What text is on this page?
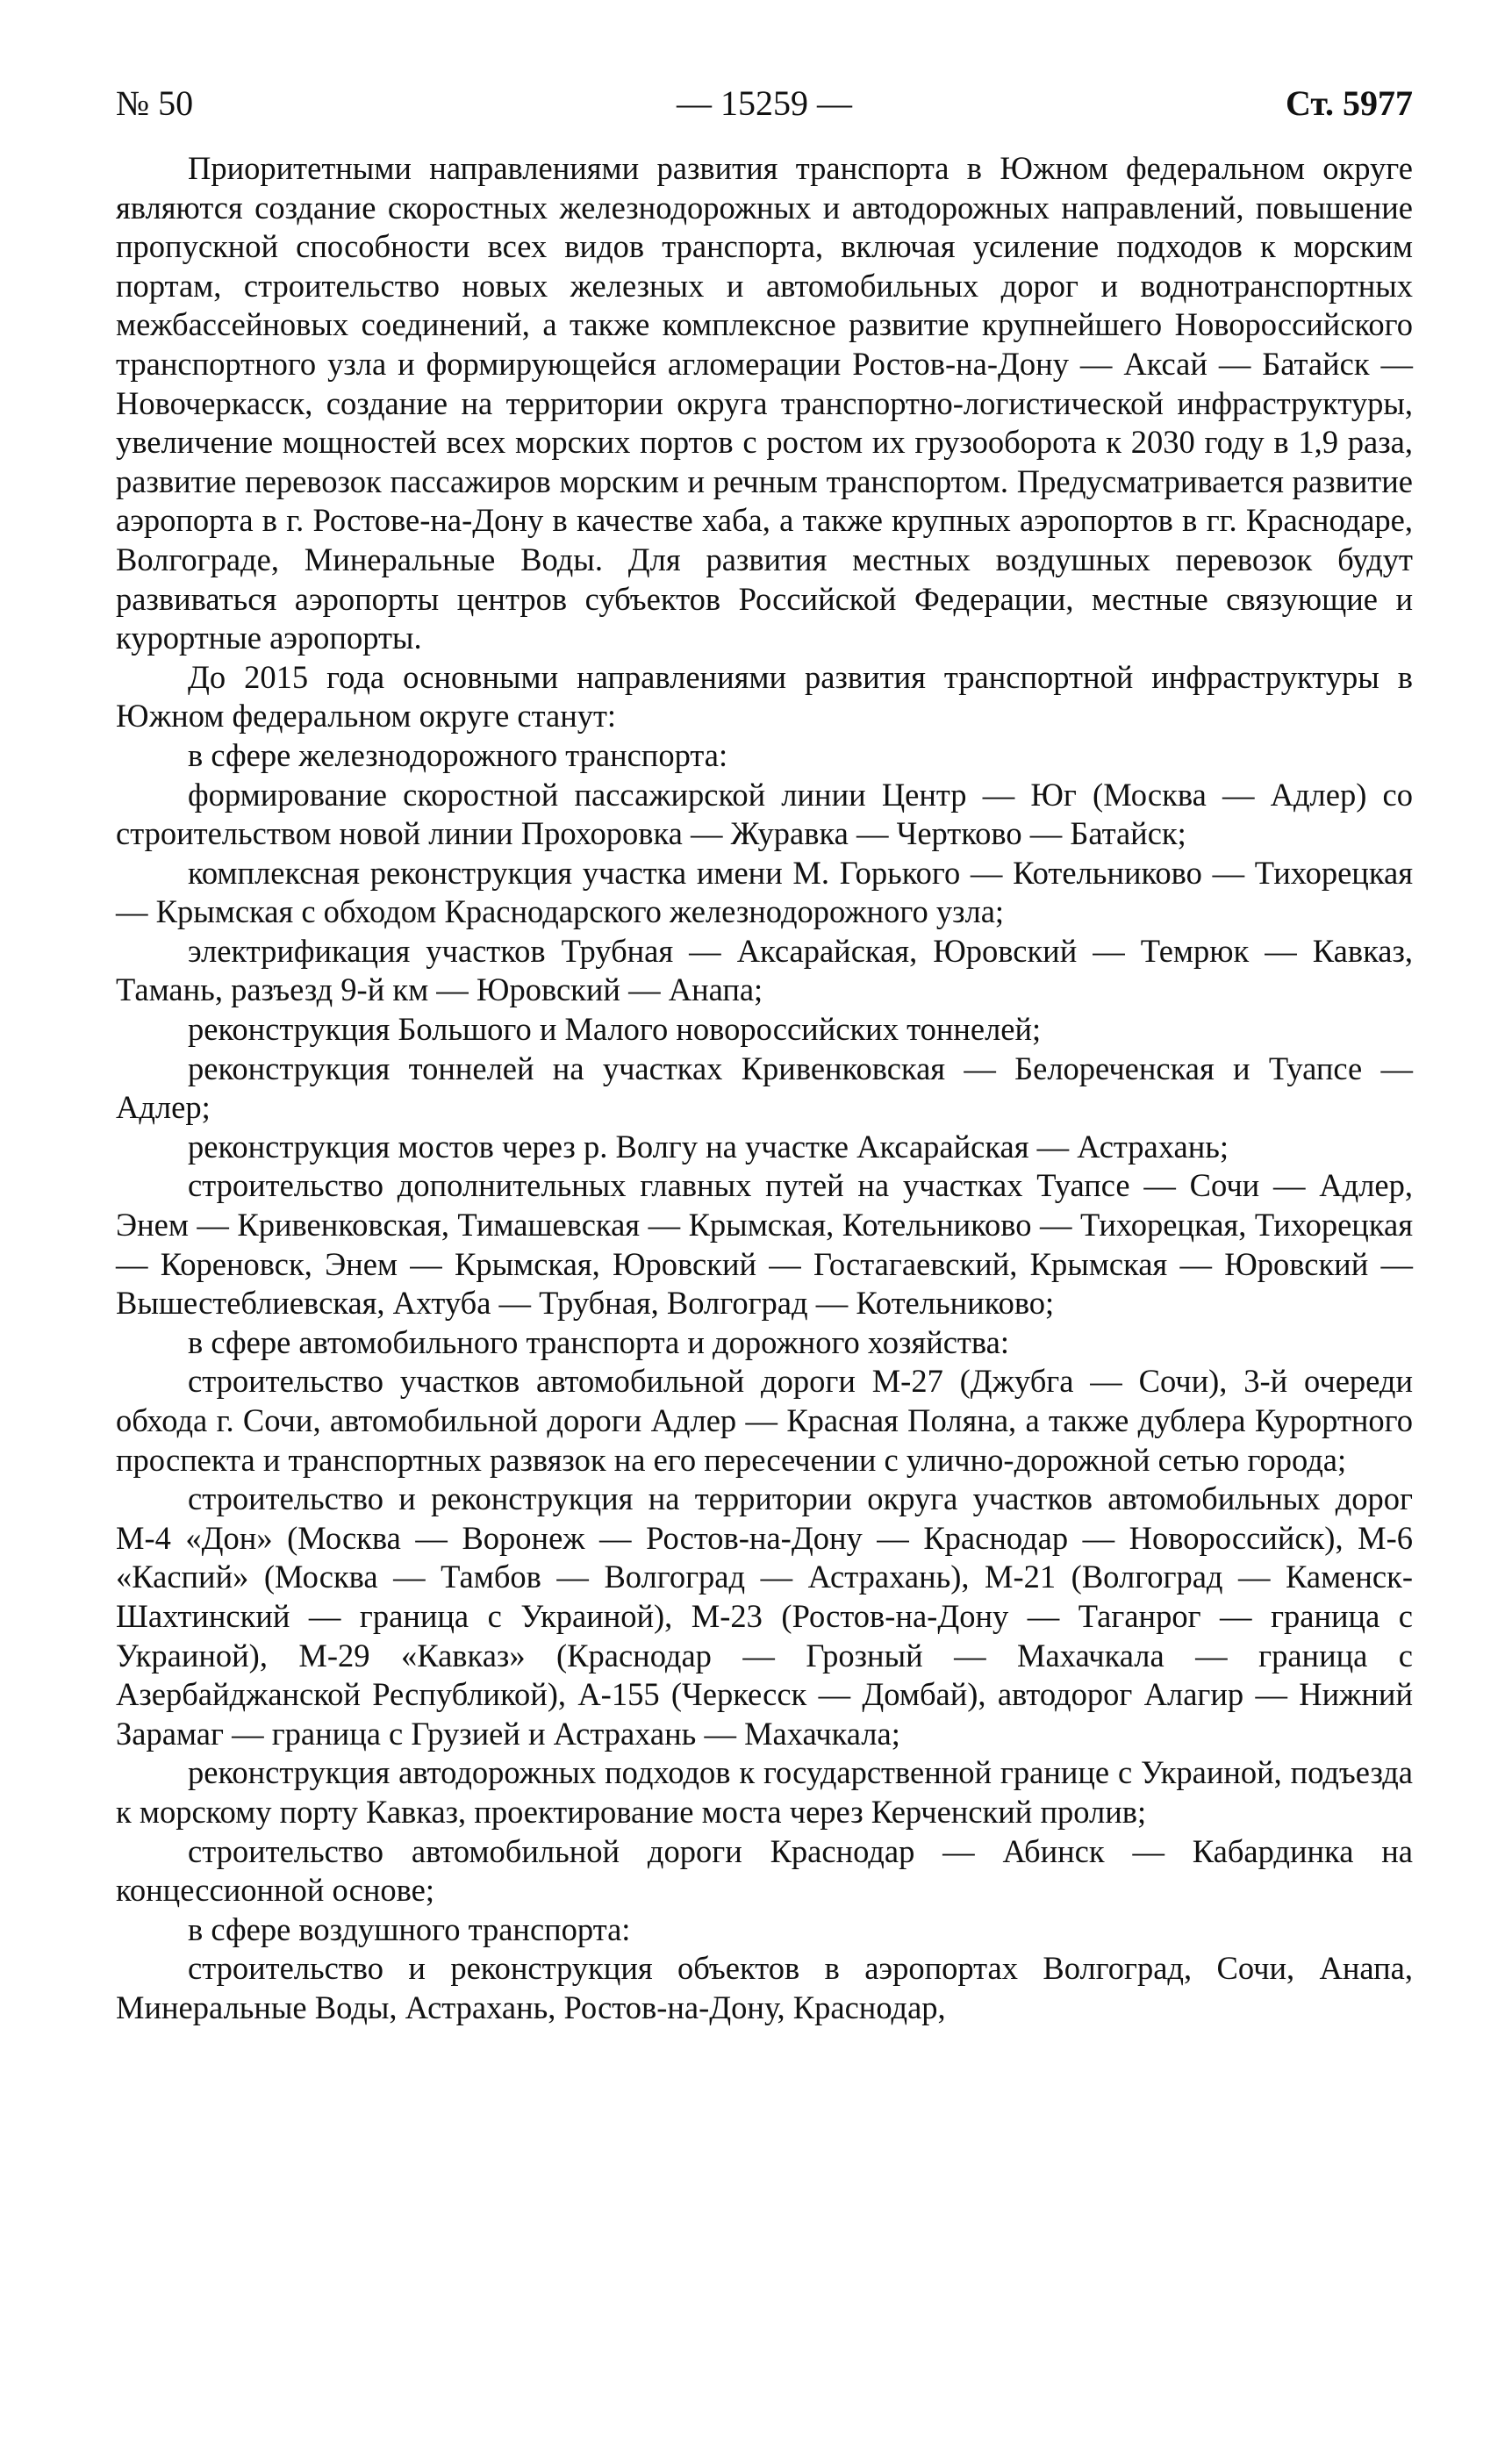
№ 50	— 15259 —	Ст. 5977

Приоритетными направлениями развития транспорта в Южном федеральном округе являются создание скоростных железнодорожных и автодорожных направлений, повышение пропускной способности всех видов транспорта, включая усиление подходов к морским портам, строительство новых железных и автомобильных дорог и воднотранспортных межбассейновых соединений, а также комплексное развитие крупнейшего Новороссийского транспортного узла и формирующейся агломерации Ростов-на-Дону — Аксай — Батайск — Новочеркасск, создание на территории округа транспортно-логистической инфраструктуры, увеличение мощностей всех морских портов с ростом их грузооборота к 2030 году в 1,9 раза, развитие перевозок пассажиров морским и речным транспортом. Предусматривается развитие аэропорта в г. Ростове-на-Дону в качестве хаба, а также крупных аэропортов в гг. Краснодаре, Волгограде, Минеральные Воды. Для развития местных воздушных перевозок будут развиваться аэропорты центров субъектов Российской Федерации, местные связующие и курортные аэропорты.

До 2015 года основными направлениями развития транспортной инфраструктуры в Южном федеральном округе станут:

в сфере железнодорожного транспорта:

формирование скоростной пассажирской линии Центр — Юг (Москва — Адлер) со строительством новой линии Прохоровка — Журавка — Чертково — Батайск;

комплексная реконструкция участка имени М. Горького — Котельниково — Тихорецкая — Крымская с обходом Краснодарского железнодорожного узла;

электрификация участков Трубная — Аксарайская, Юровский — Темрюк — Кавказ, Тамань, разъезд 9-й км — Юровский — Анапа;

реконструкция Большого и Малого новороссийских тоннелей;

реконструкция тоннелей на участках Кривенковская — Белореченская и Туапсе — Адлер;

реконструкция мостов через р. Волгу на участке Аксарайская — Астрахань;

строительство дополнительных главных путей на участках Туапсе — Сочи — Адлер, Энем — Кривенковская, Тимашевская — Крымская, Котельниково — Тихорецкая, Тихорецкая — Кореновск, Энем — Крымская, Юровский — Гостагаевский, Крымская — Юровский — Вышестеблиевская, Ахтуба — Трубная, Волгоград — Котельниково;

в сфере автомобильного транспорта и дорожного хозяйства:

строительство участков автомобильной дороги М-27 (Джубга — Сочи), 3-й очереди обхода г. Сочи, автомобильной дороги Адлер — Красная Поляна, а также дублера Курортного проспекта и транспортных развязок на его пересечении с улично-дорожной сетью города;

строительство и реконструкция на территории округа участков автомобильных дорог М-4 «Дон» (Москва — Воронеж — Ростов-на-Дону — Краснодар — Новороссийск), М-6 «Каспий» (Москва — Тамбов — Волгоград — Астрахань), М-21 (Волгоград — Каменск-Шахтинский — граница с Украиной), М-23 (Ростов-на-Дону — Таганрог — граница с Украиной), М-29 «Кавказ» (Краснодар — Грозный — Махачкала — граница с Азербайджанской Республикой), А-155 (Черкесск — Домбай), автодорог Алагир — Нижний Зарамаг — граница с Грузией и Астрахань — Махачкала;

реконструкция автодорожных подходов к государственной границе с Украиной, подъезда к морскому порту Кавказ, проектирование моста через Керченский пролив;

строительство автомобильной дороги Краснодар — Абинск — Кабардинка на концессионной основе;

в сфере воздушного транспорта:

строительство и реконструкция объектов в аэропортах Волгоград, Сочи, Анапа, Минеральные Воды, Астрахань, Ростов-на-Дону, Краснодар,
